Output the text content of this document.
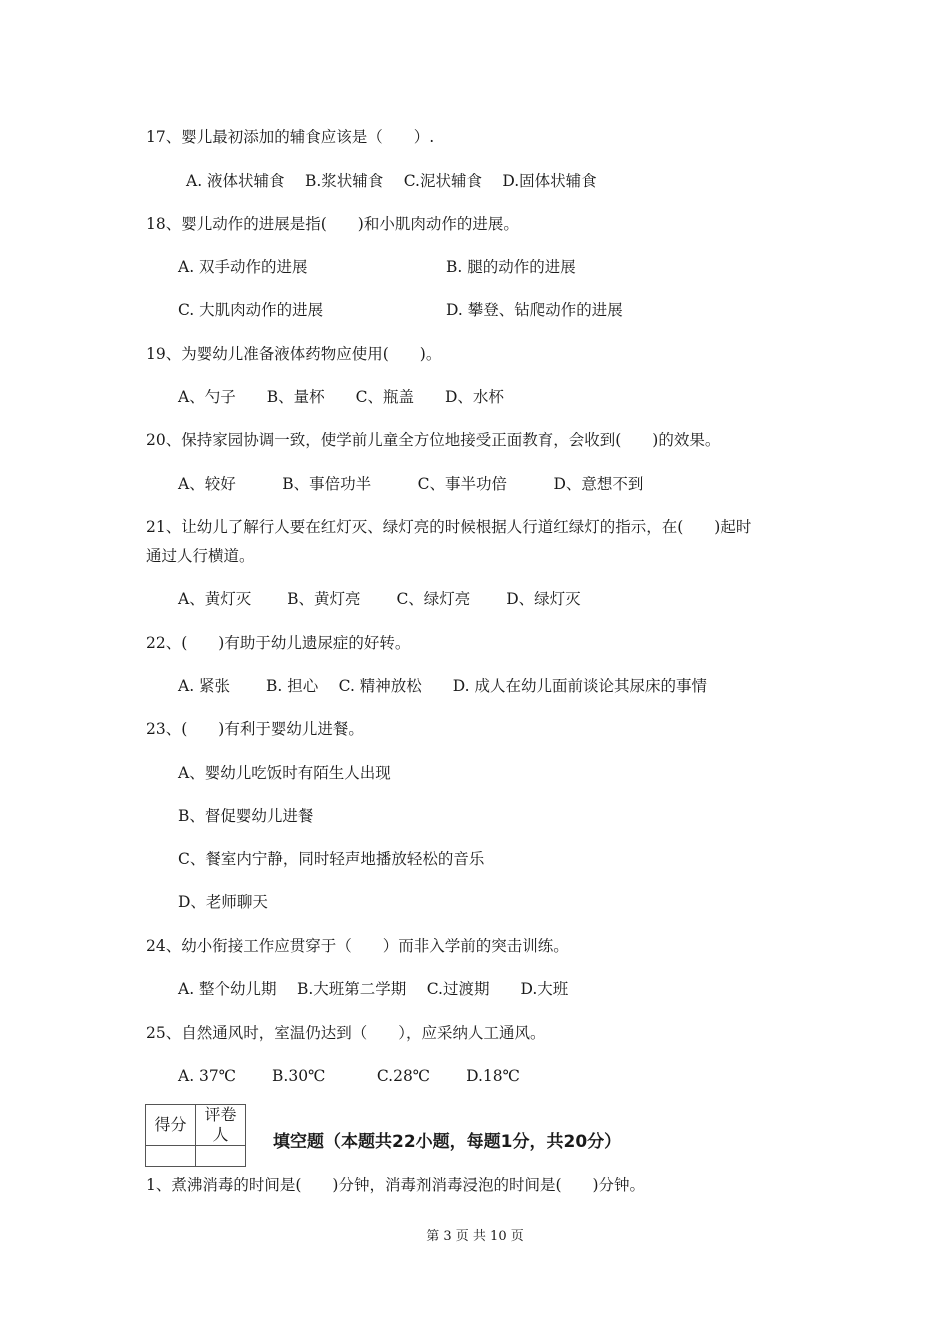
17、婴儿最初添加的辅食应该是（　　）.
A. 液体状辅食　 B.浆状辅食　 C.泥状辅食　 D.固体状辅食
18、婴儿动作的进展是指(　　)和小肌肉动作的进展。
A. 双手动作的进展	B. 腿的动作的进展
C. 大肌肉动作的进展	D. 攀登、钻爬动作的进展
19、为婴幼儿准备液体药物应使用(　　)。
A、勺子　　B、量杯　　C、瓶盖　　D、水杯
20、保持家园协调一致，使学前儿童全方位地接受正面教育，会收到(　　)的效果。
A、较好　　　B、事倍功半　　　C、事半功倍　　　D、意想不到
21、让幼儿了解行人要在红灯灭、绿灯亮的时候根据人行道红绿灯的指示，在(　　)起时
通过人行横道。
A、黄灯灭　　 B、黄灯亮　　 C、绿灯亮　　 D、绿灯灭
22、(　　)有助于幼儿遗尿症的好转。
A. 紧张　　 B. 担心　 C. 精神放松　　D. 成人在幼儿面前谈论其尿床的事情
23、(　　)有利于婴幼儿进餐。
A、婴幼儿吃饭时有陌生人出现
B、督促婴幼儿进餐
C、餐室内宁静，同时轻声地播放轻松的音乐
D、老师聊天
24、幼小衔接工作应贯穿于（　　）而非入学前的突击训练。
A. 整个幼儿期　 B.大班第二学期　 C.过渡期　　D.大班
25、自然通风时，室温仍达到（　　），应采纳人工通风。
A. 37℃　　 B.30℃　　　 C.28℃　　 D.18℃
得分	评卷人
		填空题（本题共22小题，每题1分，共20分）
1、煮沸消毒的时间是(　　)分钟，消毒剂消毒浸泡的时间是(　　)分钟。
第 3 页 共 10 页
